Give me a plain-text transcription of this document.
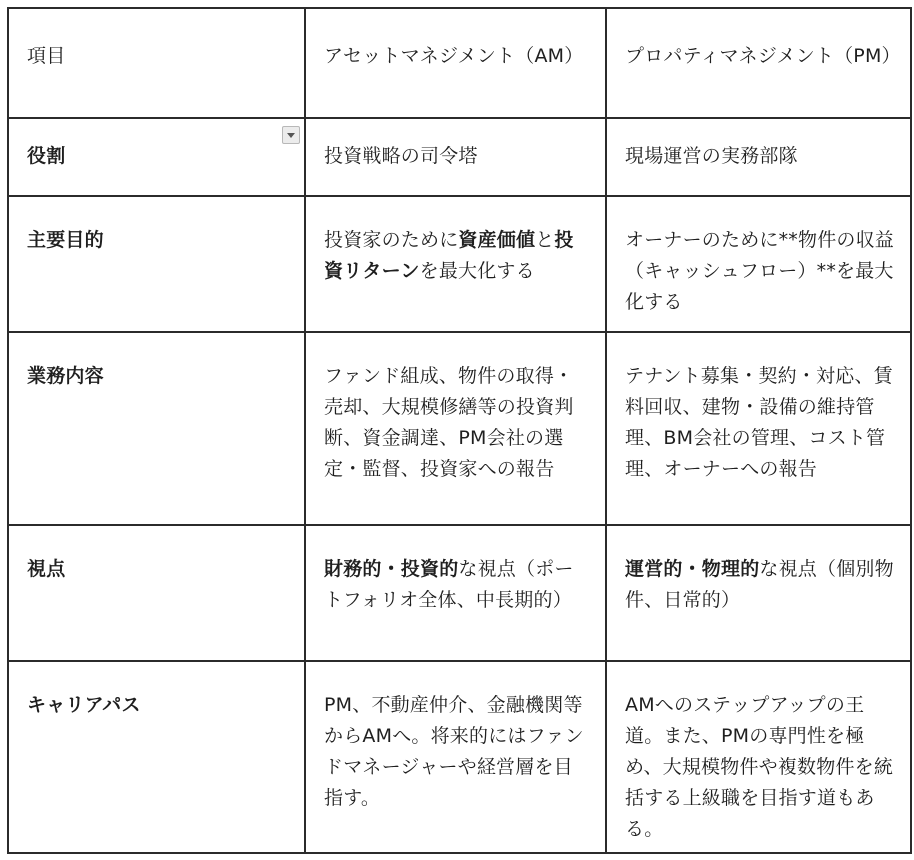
項目	アセットマネジメント（AM）	プロパティマネジメント（PM）
役割	投資戦略の司令塔	現場運営の実務部隊
主要目的	投資家のために資産価値と投資リターンを最大化する	オーナーのために**物件の収益（キャッシュフロー）**を最大化する
業務内容	ファンド組成、物件の取得・売却、大規模修繕等の投資判断、資金調達、PM会社の選定・監督、投資家への報告	テナント募集・契約・対応、賃料回収、建物・設備の維持管理、BM会社の管理、コスト管理、オーナーへの報告
視点	財務的・投資的な視点（ポートフォリオ全体、中長期的）	運営的・物理的な視点（個別物件、日常的）
キャリアパス	PM、不動産仲介、金融機関等からAMへ。将来的にはファンドマネージャーや経営層を目指す。	AMへのステップアップの王道。また、PMの専門性を極め、大規模物件や複数物件を統括する上級職を目指す道もある。
